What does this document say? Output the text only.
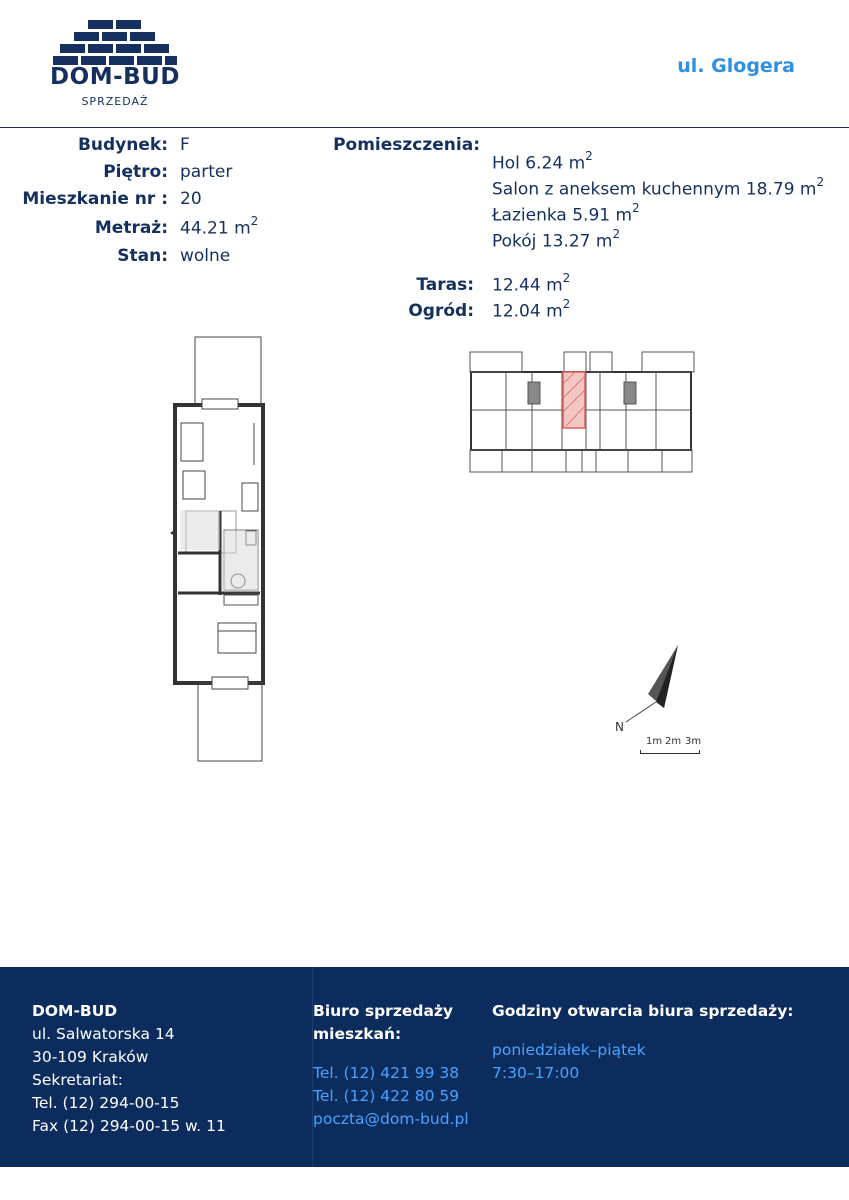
DOM-BUD
SPRZEDAŻ
ul. Glogera
Budynek: F
Piętro: parter
Mieszkanie nr : 20
Metraż: 44.21 $m^2$
Stan: wolne
Pomieszczenia:
Hol 6.24 $m^2$
Salon z aneksem kuchennym 18.79 $m^2$
Łazienka 5.91 $m^2$
Pokój 13.27 $m^2$
Taras: 12.44 $m^2$
Ogród: 12.04 $m^2$
N
1m 2m 3m
DOM-BUD
ul. Salwatorska 14
30-109 Kraków
Sekretariat:
Tel. (12) 294-00-15
Fax (12) 294-00-15 w. 11
Biuro sprzedaży
mieszkań:
Tel. (12) 421 99 38
Tel. (12) 422 80 59
poczta@dom-bud.pl
Godziny otwarcia biura sprzedaży:
poniedziałek–piątek
7:30–17:00
